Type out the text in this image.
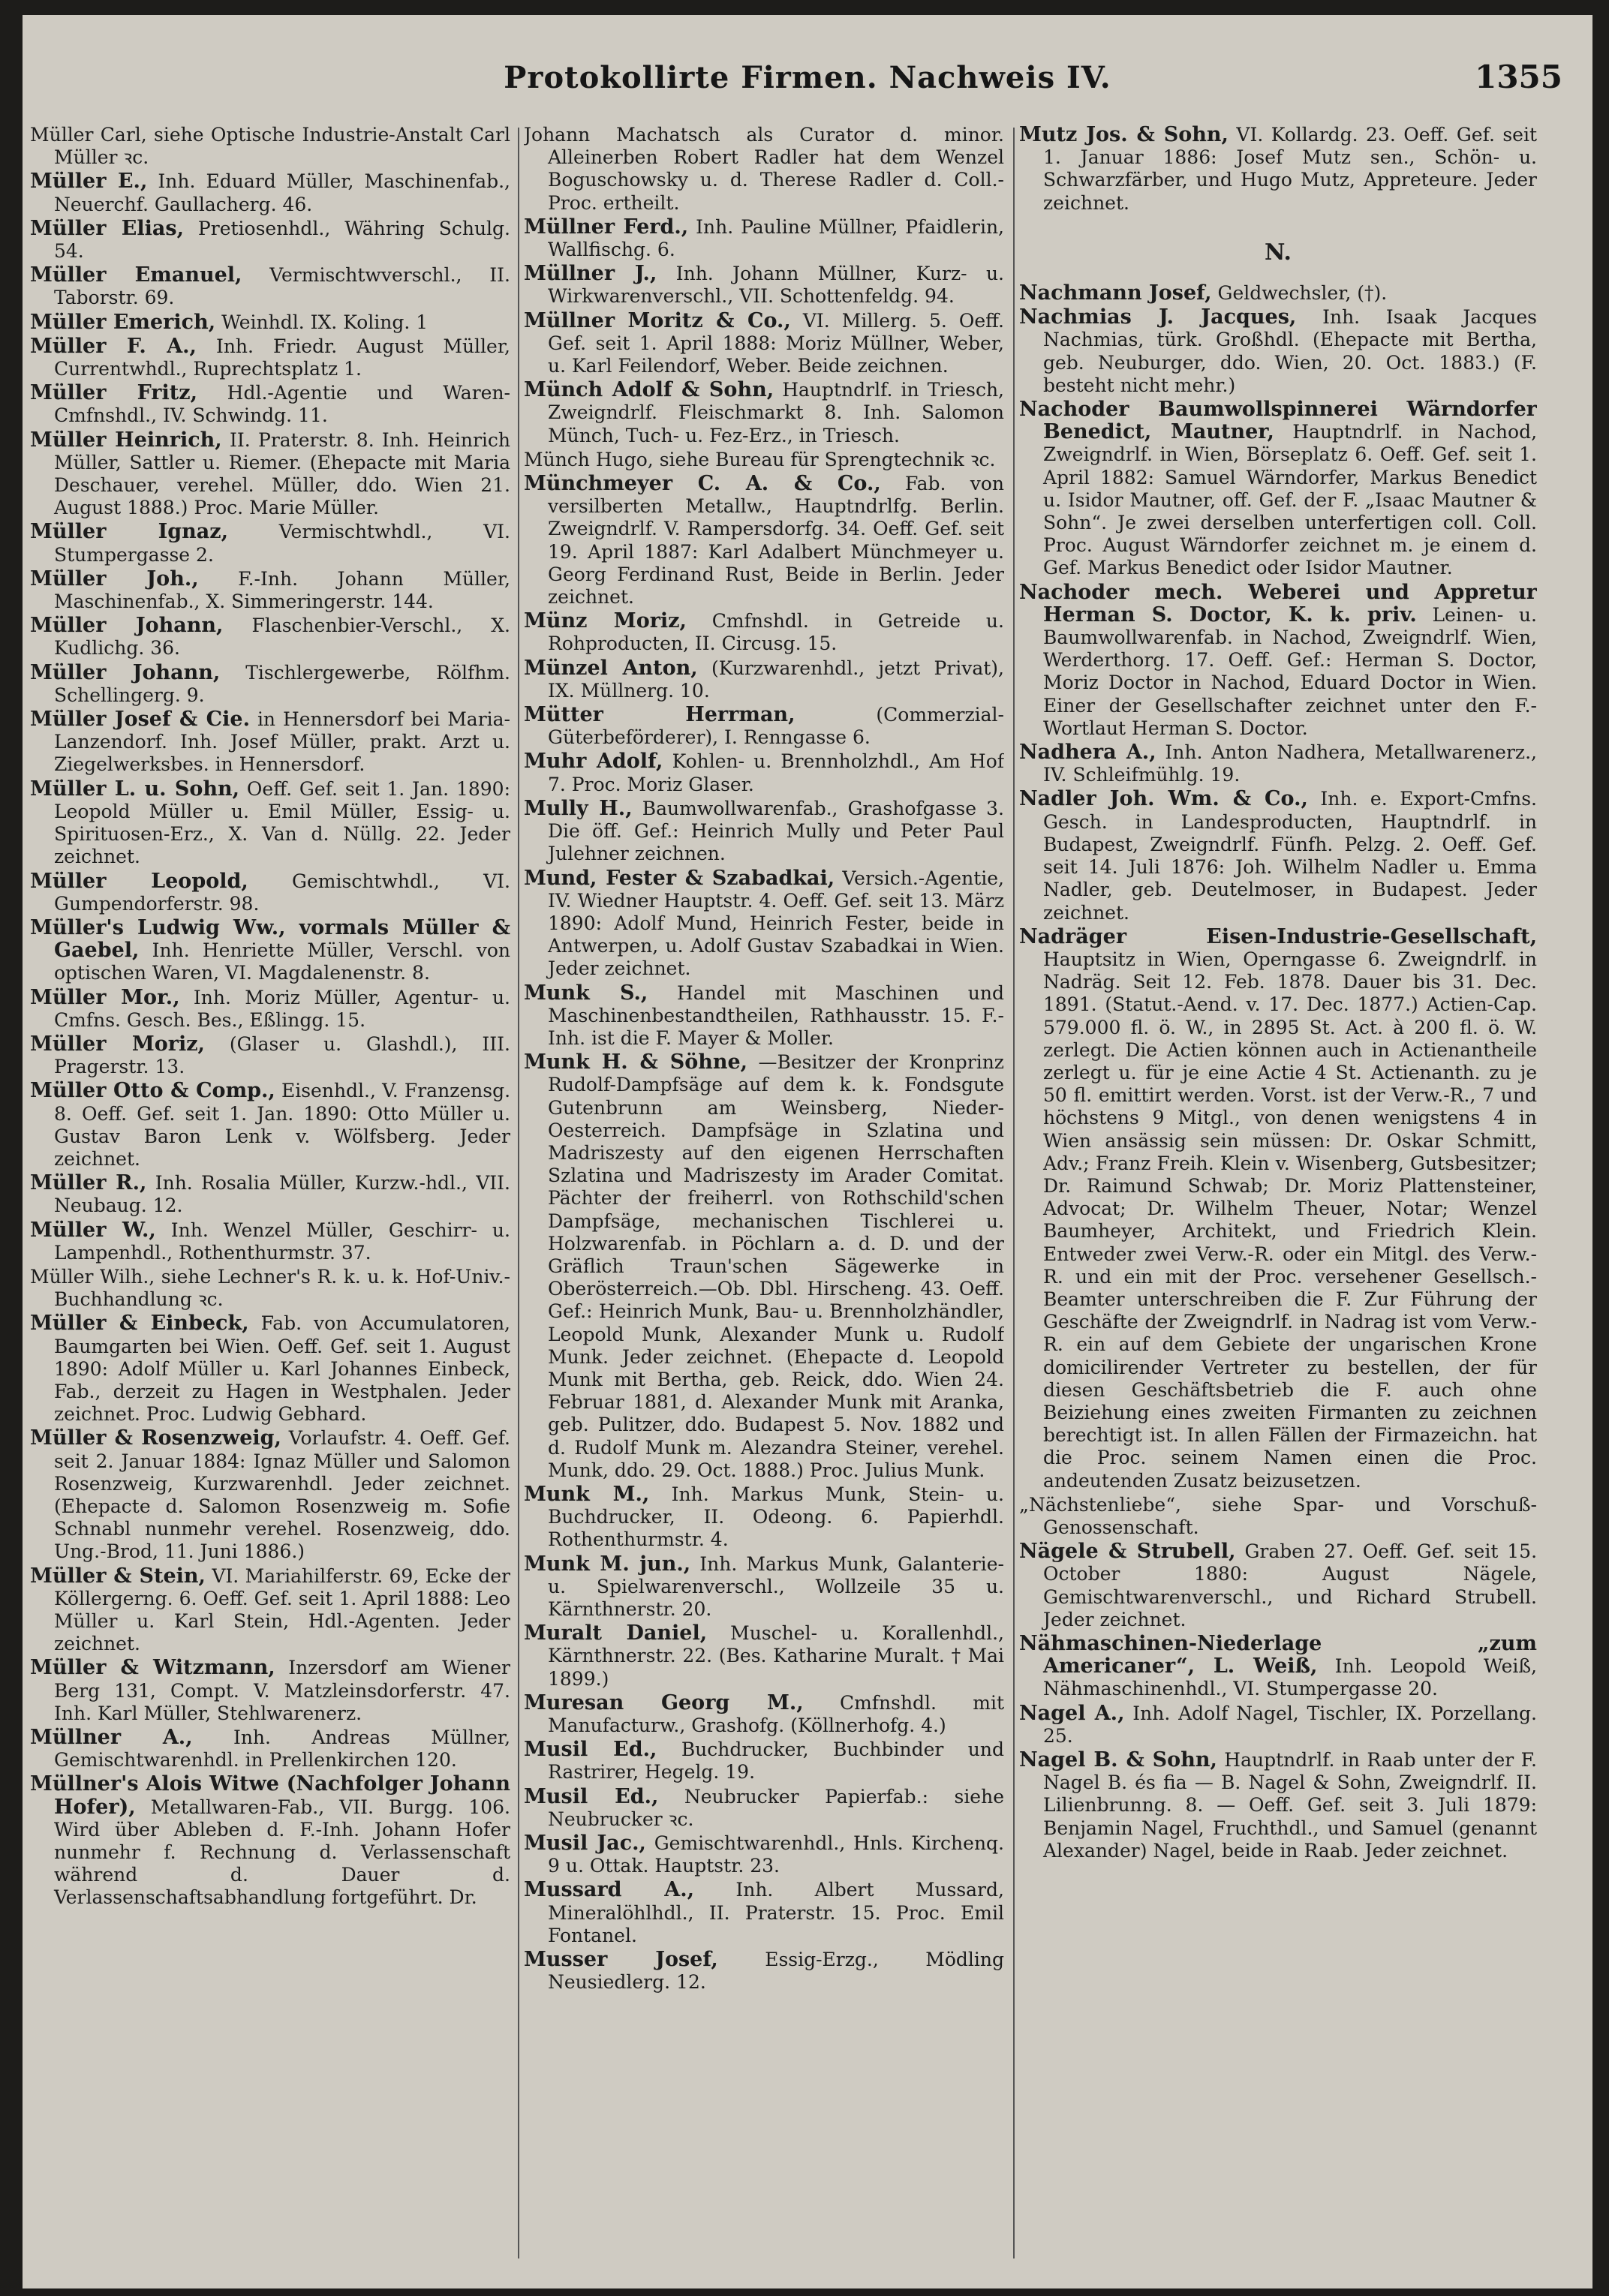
Protokollirte Firmen. Nachweis IV.	1355

Müller Carl, siehe Optische Industrie-Anstalt Carl Müller ꝛc.

Müller E., Inh. Eduard Müller, Maschinenfab., Neuerchf. Gaullacherg. 46.

Müller Elias, Pretiosenhdl., Währing Schulg. 54.

Müller Emanuel, Vermischtwverschl., II. Taborstr. 69.

Müller Emerich, Weinhdl. IX. Koling. 1

Müller F. A., Inh. Friedr. August Müller, Currentwhdl., Ruprechtsplatz 1.

Müller Fritz, Hdl.-Agentie und Waren-Cmfnshdl., IV. Schwindg. 11.

Müller Heinrich, II. Praterstr. 8. Inh. Heinrich Müller, Sattler u. Riemer. (Ehepacte mit Maria Deschauer, verehel. Müller, ddo. Wien 21. August 1888.) Proc. Marie Müller.

Müller Ignaz,	Vermischtwhdl., VI. Stumpergasse 2.

Müller Joh., F.-Inh. Johann Müller, Maschinenfab., X. Simmeringerstr. 144.

Müller Johann, Flaschenbier-Verschl., X. Kudlichg. 36.

Müller Johann, Tischlergewerbe, Rölfhm. Schellingerg. 9.

Müller Josef & Cie. in Hennersdorf bei Maria-Lanzendorf. Inh. Josef Müller, prakt. Arzt u. Ziegelwerksbes. in Hennersdorf.

Müller L. u. Sohn, Oeff. Gef. seit 1. Jan. 1890: Leopold Müller u. Emil Müller, Essig- u. Spirituosen-Erz., X. Van d. Nüllg. 22. Jeder zeichnet.

Müller Leopold, Gemischtwhdl., VI. Gumpendorferstr. 98.

Müller's Ludwig Ww., vormals Müller & Gaebel, Inh. Henriette Müller, Verschl. von optischen Waren, VI. Magdalenenstr. 8.

Müller Mor., Inh. Moriz Müller, Agentur- u. Cmfns. Gesch. Bes., Eßlingg. 15.

Müller Moriz, (Glaser u. Glashdl.), III. Pragerstr. 13.

Müller Otto & Comp., Eisenhdl., V. Franzensg. 8. Oeff. Gef. seit 1. Jan. 1890: Otto Müller u. Gustav Baron Lenk v. Wölfsberg. Jeder zeichnet.

Müller R., Inh. Rosalia Müller, Kurzw.-hdl., VII. Neubaug. 12.

Müller W., Inh. Wenzel Müller, Geschirr- u. Lampenhdl., Rothenthurmstr. 37.

Müller Wilh., siehe Lechner's R. k. u. k. Hof-Univ.-Buchhandlung ꝛc.

Müller & Einbeck, Fab. von Accumulatoren, Baumgarten bei Wien. Oeff. Gef. seit 1. August 1890: Adolf Müller u. Karl Johannes Einbeck, Fab., derzeit zu Hagen in Westphalen. Jeder zeichnet. Proc. Ludwig Gebhard.

Müller & Rosenzweig, Vorlaufstr. 4. Oeff. Gef. seit 2. Januar 1884: Ignaz Müller und Salomon Rosenzweig, Kurzwarenhdl. Jeder zeichnet. (Ehepacte d. Salomon Rosenzweig m. Sofie Schnabl nunmehr verehel. Rosenzweig, ddo. Ung.-Brod, 11. Juni 1886.)

Müller & Stein, VI. Mariahilferstr. 69, Ecke der Köllergerng. 6. Oeff. Gef. seit 1. April 1888: Leo Müller u. Karl Stein, Hdl.-Agenten. Jeder zeichnet.

Müller & Witzmann, Inzersdorf am Wiener Berg 131, Compt. V. Matzleinsdorferstr. 47. Inh. Karl Müller, Stehlwarenerz.

Müllner A., Inh. Andreas Müllner, Gemischtwarenhdl. in Prellenkirchen 120.

Müllner's Alois Witwe (Nachfolger Johann Hofer), Metallwaren-Fab., VII. Burgg. 106. Wird über Ableben d. F.-Inh. Johann Hofer nunmehr f. Rechnung d. Verlassenschaft während d. Dauer d. Verlassenschaftsabhandlung fortgeführt. Dr.

Johann Machatsch als Curator d. minor. Alleinerben Robert Radler hat dem Wenzel Boguschowsky u. d. Therese Radler d. Coll.-Proc. ertheilt.

Müllner Ferd., Inh. Pauline Müllner, Pfaidlerin, Wallfischg. 6.

Müllner J., Inh. Johann Müllner, Kurz- u. Wirkwarenverschl., VII. Schottenfeldg. 94.

Müllner Moritz & Co., VI. Millerg. 5. Oeff. Gef. seit 1. April 1888: Moriz Müllner, Weber, u. Karl Feilendorf, Weber. Beide zeichnen.

Münch Adolf & Sohn, Hauptndrlf. in Triesch, Zweigndrlf. Fleischmarkt 8. Inh. Salomon Münch, Tuch- u. Fez-Erz., in Triesch.

Münch Hugo, siehe Bureau für Sprengtechnik ꝛc.

Münchmeyer C. A. & Co., Fab. von versilberten Metallw., Hauptndrlfg. Berlin. Zweigndrlf. V. Rampersdorfg. 34. Oeff. Gef. seit 19. April 1887: Karl Adalbert Münchmeyer u. Georg Ferdinand Rust, Beide in Berlin. Jeder zeichnet.

Münz Moriz, Cmfnshdl. in Getreide u. Rohproducten, II. Circusg. 15.

Münzel Anton, (Kurzwarenhdl., jetzt Privat), IX. Müllnerg. 10.

Mütter Herrman,	(Commerzial-Güterbeförderer), I. Renngasse 6.

Muhr Adolf, Kohlen- u. Brennholzhdl., Am Hof 7. Proc. Moriz Glaser.

Mully H., Baumwollwarenfab., Grashofgasse 3. Die öff. Gef.: Heinrich Mully und Peter Paul Julehner zeichnen.

Mund, Fester & Szabadkai, Versich.-Agentie, IV. Wiedner Hauptstr. 4. Oeff. Gef. seit 13. März 1890: Adolf Mund, Heinrich Fester, beide in Antwerpen, u. Adolf Gustav Szabadkai in Wien. Jeder zeichnet.

Munk S., Handel mit Maschinen und Maschinenbestandtheilen, Rathhausstr. 15. F.-Inh. ist die F. Mayer & Moller.

Munk H. & Söhne, —Besitzer der Kronprinz Rudolf-Dampfsäge auf dem k. k. Fondsgute Gutenbrunn am Weinsberg, Nieder-Oesterreich. Dampfsäge in Szlatina und Madriszesty auf den eigenen Herrschaften Szlatina und Madriszesty im Arader Comitat. Pächter der freiherrl. von Rothschild'schen Dampfsäge, mechanischen Tischlerei u. Holzwarenfab. in Pöchlarn a. d. D. und der Gräflich Traun'schen Sägewerke in Oberösterreich.—Ob. Dbl. Hirscheng. 43. Oeff. Gef.: Heinrich Munk, Bau- u. Brennholzhändler, Leopold Munk, Alexander Munk u. Rudolf Munk. Jeder zeichnet. (Ehepacte d. Leopold Munk mit Bertha, geb. Reick, ddo. Wien 24. Februar 1881, d. Alexander Munk mit Aranka, geb. Pulitzer, ddo. Budapest 5. Nov. 1882 und d. Rudolf Munk m. Alezandra Steiner, verehel. Munk, ddo. 29. Oct. 1888.) Proc. Julius Munk.

Munk M., Inh. Markus Munk, Stein- u. Buchdrucker, II. Odeong. 6. Papierhdl. Rothenthurmstr. 4.

Munk M. jun., Inh. Markus Munk, Galanterie- u. Spielwarenverschl., Wollzeile 35 u. Kärnthnerstr. 20.

Muralt Daniel, Muschel- u. Korallenhdl., Kärnthnerstr. 22. (Bes. Katharine Muralt. † Mai 1899.)

Muresan Georg M., Cmfnshdl. mit Manufacturw., Grashofg. (Köllnerhofg. 4.)

Musil Ed., Buchdrucker, Buchbinder und Rastrirer, Hegelg. 19.

Musil Ed., Neubrucker Papierfab.: siehe Neubrucker ꝛc.

Musil Jac., Gemischtwarenhdl., Hnls. Kirchenq. 9 u. Ottak. Hauptstr. 23.

Mussard A., Inh. Albert Mussard, Mineralöhlhdl., II. Praterstr. 15. Proc. Emil Fontanel.

Musser Josef, Essig-Erzg., Mödling Neusiedlerg. 12.

Mutz Jos. & Sohn, VI. Kollardg. 23. Oeff. Gef. seit 1. Januar 1886: Josef Mutz sen., Schön- u. Schwarzfärber, und Hugo Mutz, Appreteure. Jeder zeichnet.

N.

Nachmann Josef, Geldwechsler, (†).

Nachmias J. Jacques, Inh. Isaak Jacques Nachmias, türk. Großhdl. (Ehepacte mit Bertha, geb. Neuburger, ddo. Wien, 20. Oct. 1883.) (F. besteht nicht mehr.)

Nachoder Baumwollspinnerei Wärndorfer Benedict, Mautner, Hauptndrlf. in Nachod, Zweigndrlf. in Wien, Börseplatz 6. Oeff. Gef. seit 1. April 1882: Samuel Wärndorfer, Markus Benedict u. Isidor Mautner, off. Gef. der F. „Isaac Mautner & Sohn“. Je zwei derselben unterfertigen coll. Coll. Proc. August Wärndorfer zeichnet m. je einem d. Gef. Markus Benedict oder Isidor Mautner.

Nachoder mech. Weberei und Appretur Herman S. Doctor, K. k. priv. Leinen- u. Baumwollwarenfab. in Nachod, Zweigndrlf. Wien, Werderthorg. 17. Oeff. Gef.: Herman S. Doctor, Moriz Doctor in Nachod, Eduard Doctor in Wien. Einer der Gesellschafter zeichnet unter den F.-Wortlaut Herman S. Doctor.

Nadhera A., Inh. Anton Nadhera, Metallwarenerz., IV. Schleifmühlg. 19.

Nadler Joh. Wm. & Co., Inh. e. Export-Cmfns. Gesch. in Landesproducten, Hauptndrlf. in Budapest, Zweigndrlf. Fünfh. Pelzg. 2. Oeff. Gef. seit 14. Juli 1876: Joh. Wilhelm Nadler u. Emma Nadler, geb. Deutelmoser, in Budapest. Jeder zeichnet.

Nadräger Eisen-Industrie-Gesellschaft, Hauptsitz in Wien, Operngasse 6. Zweigndrlf. in Nadräg. Seit 12. Feb. 1878. Dauer bis 31. Dec. 1891. (Statut.-Aend. v. 17. Dec. 1877.) Actien-Cap. 579.000 fl. ö. W., in 2895 St. Act. à 200 fl. ö. W. zerlegt. Die Actien können auch in Actienantheile zerlegt u. für je eine Actie 4 St. Actienanth. zu je 50 fl. emittirt werden. Vorst. ist der Verw.-R., 7 und höchstens 9 Mitgl., von denen wenigstens 4 in Wien ansässig sein müssen: Dr. Oskar Schmitt, Adv.; Franz Freih. Klein v. Wisenberg, Gutsbesitzer; Dr. Raimund Schwab; Dr. Moriz Plattensteiner, Advocat; Dr. Wilhelm Theuer, Notar; Wenzel Baumheyer, Architekt, und Friedrich Klein. Entweder zwei Verw.-R. oder ein Mitgl. des Verw.-R. und ein mit der Proc. versehener Gesellsch.-Beamter unterschreiben die F. Zur Führung der Geschäfte der Zweigndrlf. in Nadrag ist vom Verw.-R. ein auf dem Gebiete der ungarischen Krone domicilirender Vertreter zu bestellen, der für diesen Geschäftsbetrieb die F. auch ohne Beiziehung eines zweiten Firmanten zu zeichnen berechtigt ist. In allen Fällen der Firmazeichn. hat die Proc. seinem Namen einen die Proc. andeutenden Zusatz beizusetzen.

„Nächstenliebe“, siehe Spar- und Vorschuß-Genossenschaft.

Nägele & Strubell, Graben 27. Oeff. Gef. seit 15. October 1880: August Nägele, Gemischtwarenverschl., und Richard Strubell. Jeder zeichnet.

Nähmaschinen-Niederlage „zum Americaner“, L. Weiß, Inh. Leopold Weiß, Nähmaschinenhdl., VI. Stumpergasse 20.

Nagel A., Inh. Adolf Nagel, Tischler, IX. Porzellang. 25.

Nagel B. & Sohn, Hauptndrlf. in Raab unter der F. Nagel B. és fia — B. Nagel & Sohn, Zweigndrlf. II. Lilienbrunng. 8. — Oeff. Gef. seit 3. Juli 1879: Benjamin Nagel, Fruchthdl., und Samuel (genannt Alexander) Nagel, beide in Raab. Jeder zeichnet.
